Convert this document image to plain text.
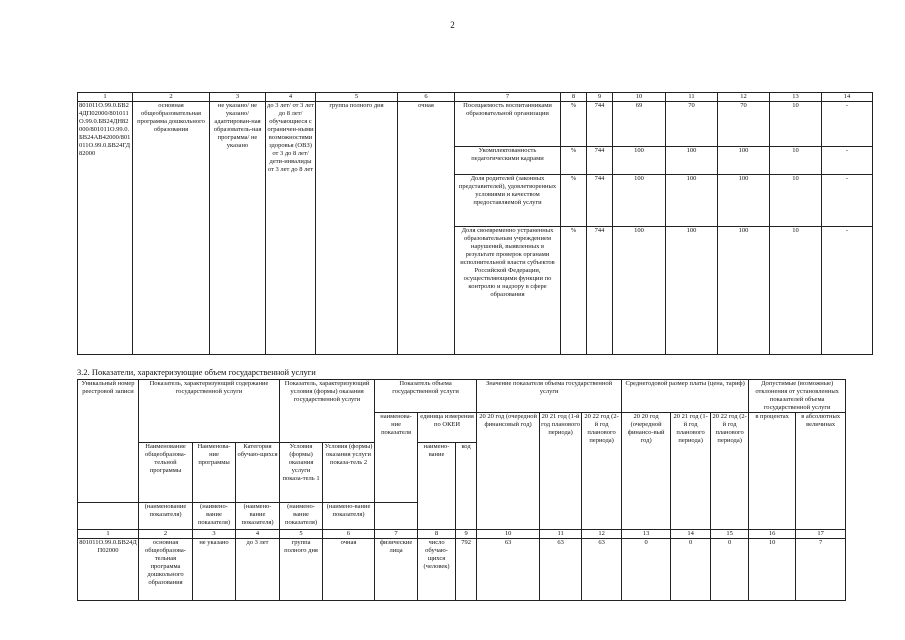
2
1	2	3	4	5	6	7	8	9	10	11	12	13	14
801011О.99.0.БВ24ДП02000/801011О.99.0.БВ24ДН82000/801011О.99.0.БВ24АВ42000/801011О.99.0.БВ24ГД82000	основная общеобразовательная программа дошкольного образования	не указано/ не указано/ адаптирован-ная образователь-ная программа/ не указано	до 3 лет/ от 3 лет до 8 лет/ обучающиеся с ограничен-ными возможностями здоровья (ОВЗ) от 3 до 8 лет/дети-инвалиды от 3 лет до 8 лет	группа полного дня	очная	Посещаемость воспитанниками образовательной организации	%	744	69	70	70	10	-
						Укомплектованность педагогическими кадрами	%	744	100	100	100	10	-
						Доля родителей (законных представителей), удовлетворенных условиями и качеством предоставляемой услуги	%	744	100	100	100	10	-
						Доля своевременно устраненных образовательным учреждением нарушений, выявленных в результате проверок органами исполнительной власти субъектов Российской Федерации, осуществляющими функции по контролю и надзору в сфере образования	%	744	100	100	100	10	-
3.2. Показатели, характеризующие объем государственной услуги
Уникальный номер реестровой записи	Показатель, характеризующий содержание государственной услуги			Показатель, характеризующий условия (формы) оказания государственной услуги		Показатель объема государственной услуги			Значение показателя объема государственной услуги			Среднегодовой размер платы (цена, тариф)			Допустимые (возможные) отклонения от установленных показателей объема государственной услуги	
						наименова-ние показателя	единица измерения по ОКЕИ		20 20 год (очередной финансовый год)	20 21 год (1-й год планового периода)	20 22 год (2-й год планового периода)	20 20 год (очередной финансо-вый год)	20 21 год (1-й год планового периода)	20 22 год (2-й год планового периода)	в процентах	в абсолютных величинах
	Наименование общеобразова-тельной программы	Наименова-ние программы	Категория обучаю-щихся	Условия (формы) оказания услуги показа-тель 1	Условия (формы) оказания услуги показа-тель 2		наимено-вание	код								
	(наименование показателя)	(наимено-вание показателя)	(наимено-вание показателя)	(наимено-вание показателя)	(наимено-вание показателя)											
1	2	3	4	5	6	7	8	9	10	11	12	13	14	15	16	17
801011О.99.0.БВ24ДП02000	основная общеобразова-тельная программа дошкольного образования	не указано	до 3 лет	группа полного дня	очная	физические лица	число обучаю-щихся (человек)	792	63	63	63	0	0	0	10	7
